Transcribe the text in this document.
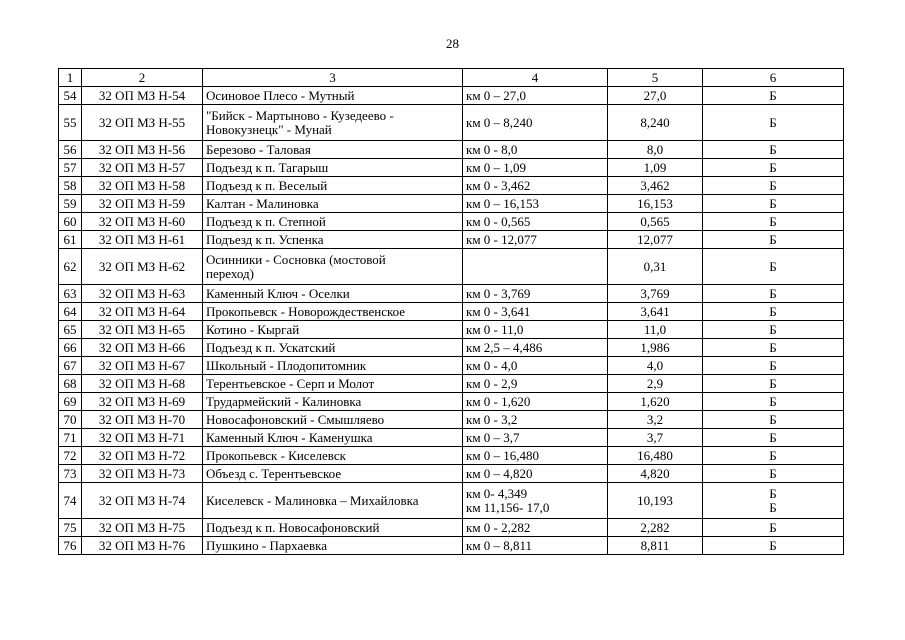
28
1	2	3	4	5	6
54	32 ОП МЗ Н-54	Осиновое Плесо - Мутный	км 0 – 27,0	27,0	Б

55	32 ОП МЗ Н-55	"Бийск - Мартыново - Кузедеево -
Новокузнецк" - Мунай	км 0 – 8,240	8,240	Б

56	32 ОП МЗ Н-56	Березово - Таловая	км 0 - 8,0	8,0	Б

57	32 ОП МЗ Н-57	Подъезд к п. Тагарыш	км 0 – 1,09	1,09	Б

58	32 ОП МЗ Н-58	Подъезд к п. Веселый	км 0 - 3,462	3,462	Б

59	32 ОП МЗ Н-59	Калтан - Малиновка	км 0 – 16,153	16,153	Б

60	32 ОП МЗ Н-60	Подъезд к п. Степной	км 0 - 0,565	0,565	Б

61	32 ОП МЗ Н-61	Подъезд к п. Успенка	км 0 - 12,077	12,077	Б

62	32 ОП МЗ Н-62	Осинники - Сосновка (мостовой
переход)		0,31	Б

63	32 ОП МЗ Н-63	Каменный Ключ - Оселки	км 0 - 3,769	3,769	Б

64	32 ОП МЗ Н-64	Прокопьевск - Новорождественское	км 0 - 3,641	3,641	Б

65	32 ОП МЗ Н-65	Котино - Кыргай	км 0 - 11,0	11,0	Б

66	32 ОП МЗ Н-66	Подъезд к п. Ускатский	км 2,5 – 4,486	1,986	Б

67	32 ОП МЗ Н-67	Школьный - Плодопитомник	км 0 - 4,0	4,0	Б

68	32 ОП МЗ Н-68	Терентьевское - Серп и Молот	км 0 - 2,9	2,9	Б

69	32 ОП МЗ Н-69	Трудармейский - Калиновка	км 0 - 1,620	1,620	Б

70	32 ОП МЗ Н-70	Новосафоновский - Смышляево	км 0 - 3,2	3,2	Б

71	32 ОП МЗ Н-71	Каменный Ключ - Каменушка	км 0 – 3,7	3,7	Б

72	32 ОП МЗ Н-72	Прокопьевск - Киселевск	км 0 – 16,480	16,480	Б

73	32 ОП МЗ Н-73	Объезд с. Терентьевское	км 0 – 4,820	4,820	Б

74	32 ОП МЗ Н-74	Киселевск - Малиновка – Михайловка	км 0- 4,349
км 11,156- 17,0	10,193	Б
Б

75	32 ОП МЗ Н-75	Подъезд к п. Новосафоновский	км 0 - 2,282	2,282	Б

76	32 ОП МЗ Н-76	Пушкино - Пархаевка	км 0 – 8,811	8,811	Б
